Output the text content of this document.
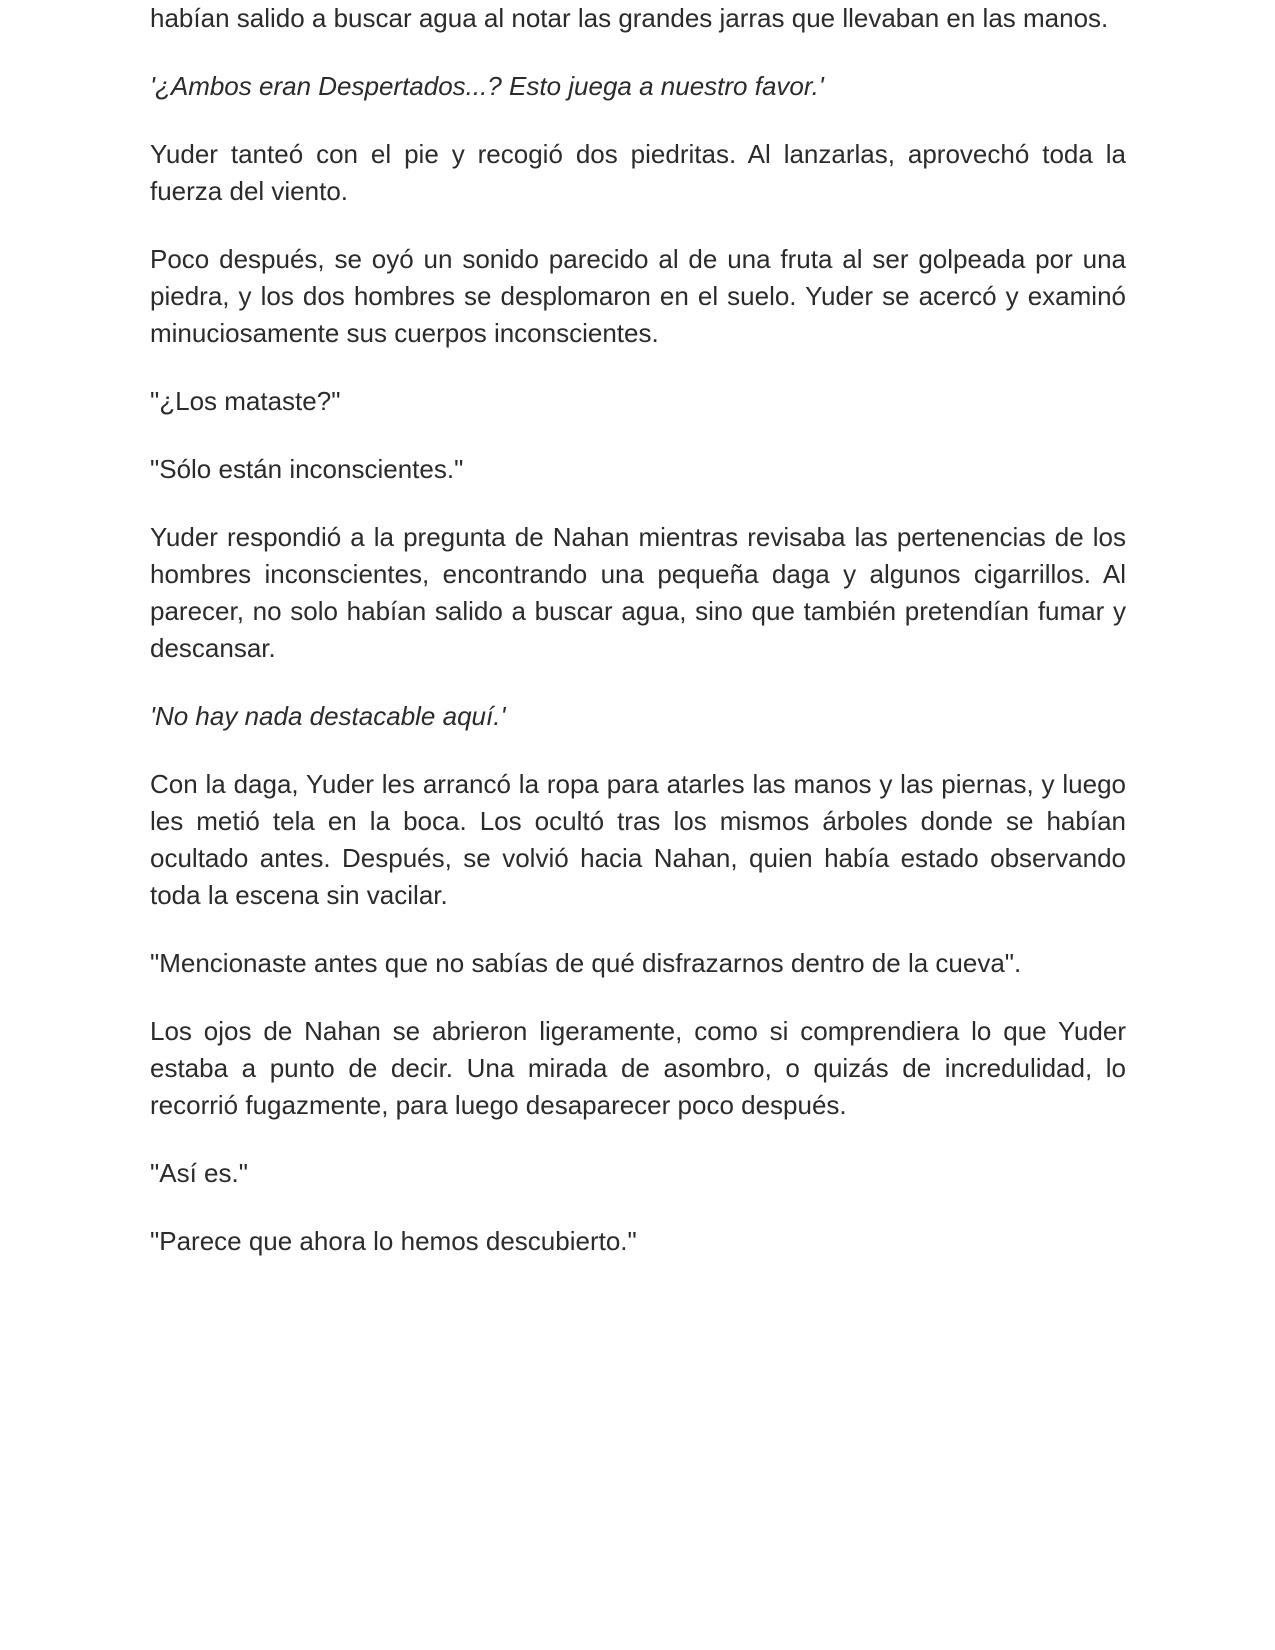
habían salido a buscar agua al notar las grandes jarras que llevaban en las manos.

'¿Ambos eran Despertados...? Esto juega a nuestro favor.'

Yuder tanteó con el pie y recogió dos piedritas. Al lanzarlas, aprovechó toda la fuerza del viento.

Poco después, se oyó un sonido parecido al de una fruta al ser golpeada por una piedra, y los dos hombres se desplomaron en el suelo. Yuder se acercó y examinó minuciosamente sus cuerpos inconscientes.

"¿Los mataste?"

"Sólo están inconscientes."

Yuder respondió a la pregunta de Nahan mientras revisaba las pertenencias de los hombres inconscientes, encontrando una pequeña daga y algunos cigarrillos. Al parecer, no solo habían salido a buscar agua, sino que también pretendían fumar y descansar.

'No hay nada destacable aquí.'

Con la daga, Yuder les arrancó la ropa para atarles las manos y las piernas, y luego les metió tela en la boca. Los ocultó tras los mismos árboles donde se habían ocultado antes. Después, se volvió hacia Nahan, quien había estado observando toda la escena sin vacilar.

"Mencionaste antes que no sabías de qué disfrazarnos dentro de la cueva".

Los ojos de Nahan se abrieron ligeramente, como si comprendiera lo que Yuder estaba a punto de decir. Una mirada de asombro, o quizás de incredulidad, lo recorrió fugazmente, para luego desaparecer poco después.

"Así es."

"Parece que ahora lo hemos descubierto."
